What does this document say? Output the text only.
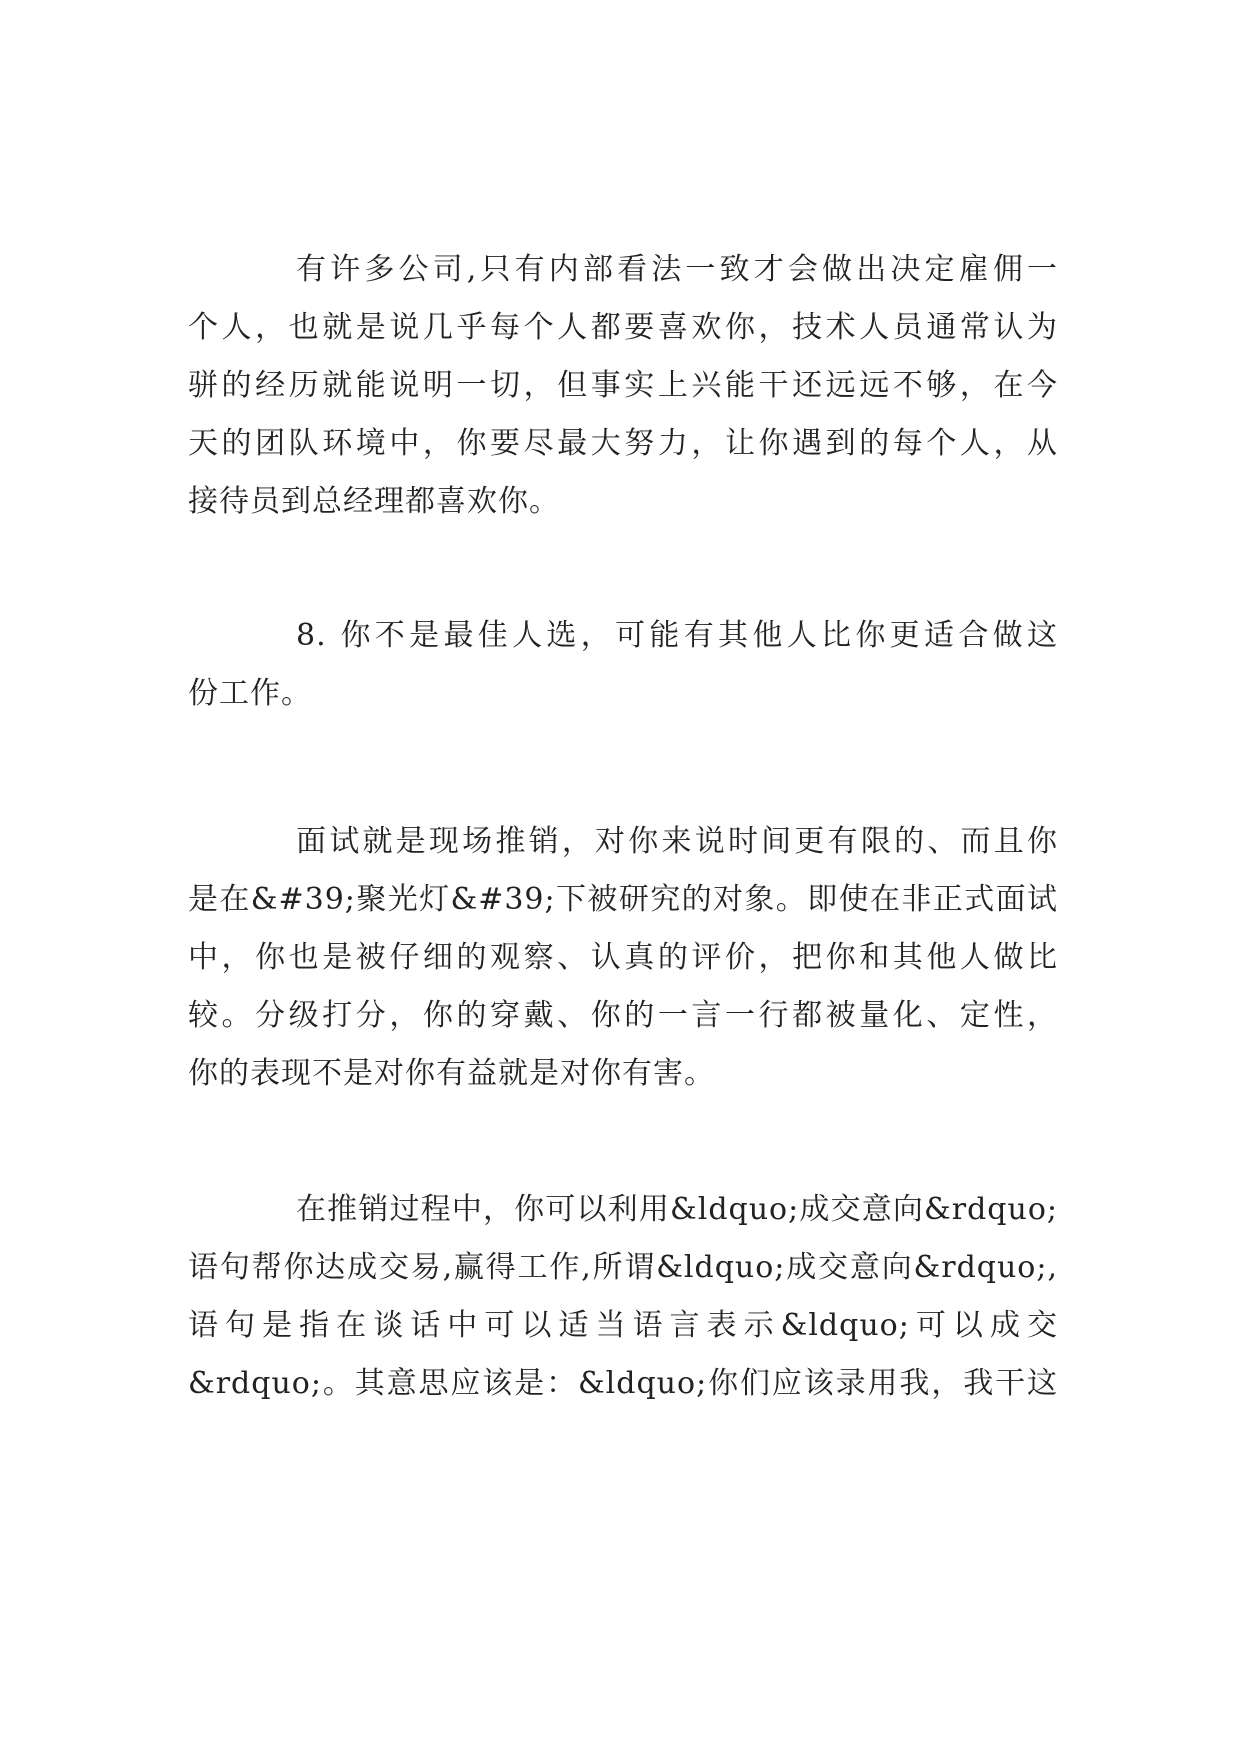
有许多公司,只有内部看法一致才会做出决定雇佣一
个人，也就是说几乎每个人都要喜欢你，技术人员通常认为
骈的经历就能说明一切，但事实上兴能干还远远不够，在今
天的团队环境中，你要尽最大努力，让你遇到的每个人，从
接待员到总经理都喜欢你。
8. 你不是最佳人选，可能有其他人比你更适合做这
份工作。
面试就是现场推销，对你来说时间更有限的、而且你
是在&#39;聚光灯&#39;下被研究的对象。即使在非正式面试
中，你也是被仔细的观察、认真的评价，把你和其他人做比
较。分级打分，你的穿戴、你的一言一行都被量化、定性，
你的表现不是对你有益就是对你有害。
在推销过程中，你可以利用&ldquo;成交意向&rdquo;
语句帮你达成交易,赢得工作,所谓&ldquo;成交意向&rdquo;,
语句是指在谈话中可以适当语言表示&ldquo;可以成交
&rdquo;。其意思应该是：&ldquo;你们应该录用我，我干这
